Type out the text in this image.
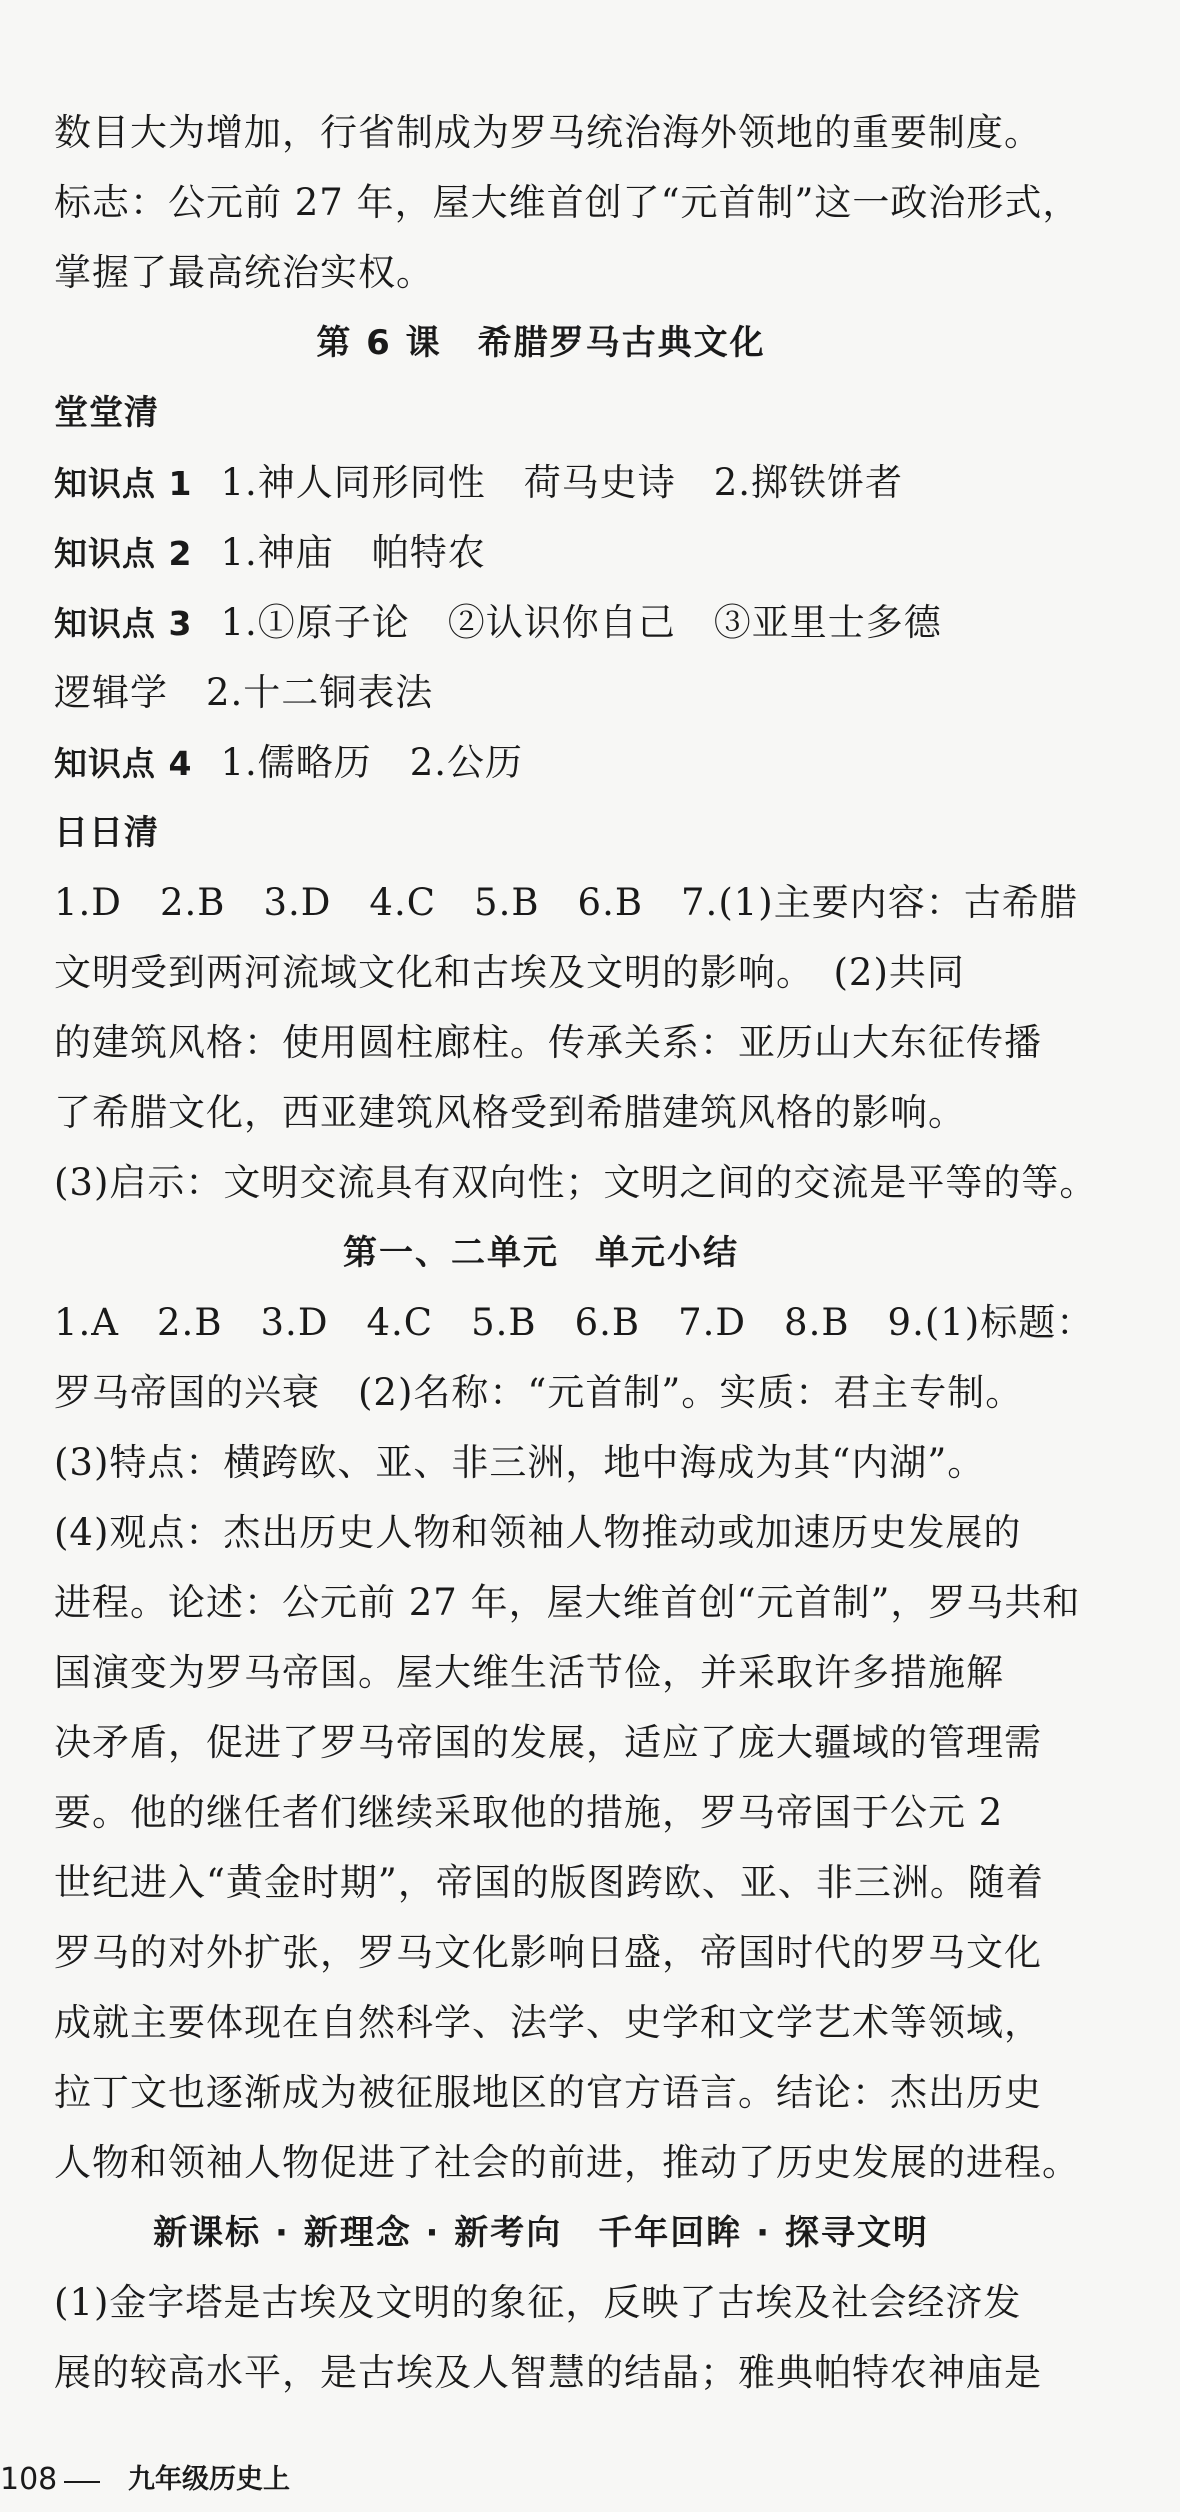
数目大为增加，行省制成为罗马统治海外领地的重要制度。
标志：公元前 27 年，屋大维首创了“元首制”这一政治形式，
掌握了最高统治实权。
第 6 课　希腊罗马古典文化
堂堂清
知识点 1 1.神人同形同性　荷马史诗　2.掷铁饼者
知识点 2 1.神庙　帕特农
知识点 3 1.①原子论　②认识你自己　③亚里士多德
逻辑学　2.十二铜表法
知识点 4 1.儒略历　2.公历
日日清
1.D　2.B　3.D　4.C　5.B　6.B　7.(1)主要内容：古希腊
文明受到两河流域文化和古埃及文明的影响。　(2)共同
的建筑风格：使用圆柱廊柱。传承关系：亚历山大东征传播
了希腊文化，西亚建筑风格受到希腊建筑风格的影响。
(3)启示：文明交流具有双向性；文明之间的交流是平等的等。
第一、二单元　单元小结
1.A　2.B　3.D　4.C　5.B　6.B　7.D　8.B　9.(1)标题：
罗马帝国的兴衰　(2)名称：“元首制”。实质：君主专制。
(3)特点：横跨欧、亚、非三洲，地中海成为其“内湖”。
(4)观点：杰出历史人物和领袖人物推动或加速历史发展的
进程。论述：公元前 27 年，屋大维首创“元首制”，罗马共和
国演变为罗马帝国。屋大维生活节俭，并采取许多措施解
决矛盾，促进了罗马帝国的发展，适应了庞大疆域的管理需
要。他的继任者们继续采取他的措施，罗马帝国于公元 2
世纪进入“黄金时期”，帝国的版图跨欧、亚、非三洲。随着
罗马的对外扩张，罗马文化影响日盛，帝国时代的罗马文化
成就主要体现在自然科学、法学、史学和文学艺术等领域，
拉丁文也逐渐成为被征服地区的官方语言。结论：杰出历史
人物和领袖人物促进了社会的前进，推动了历史发展的进程。
新课标 · 新理念 · 新考向　千年回眸 · 探寻文明
(1)金字塔是古埃及文明的象征，反映了古埃及社会经济发
展的较高水平，是古埃及人智慧的结晶；雅典帕特农神庙是
108	九年级历史上
